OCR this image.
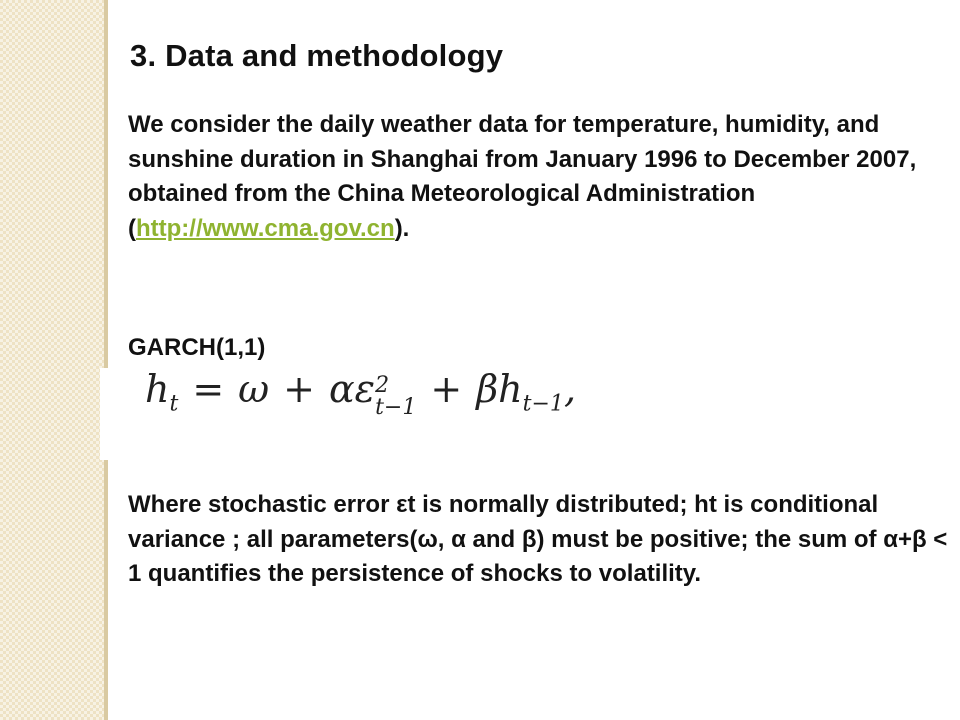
3. Data and methodology

We consider the daily weather data for temperature, humidity, and sunshine duration in Shanghai from January 1996 to December 2007, obtained from the China Meteorological Administration (http://www.cma.gov.cn).

GARCH(1,1)

$h_t = \omega + \alpha\varepsilon$ 2
$t-1 + \beta h_{t-1}$,

Where stochastic error εt is normally distributed; ht is conditional variance ; all parameters(ω, α and β) must be positive; the sum of α+β < 1 quantifies the persistence of shocks to volatility.
